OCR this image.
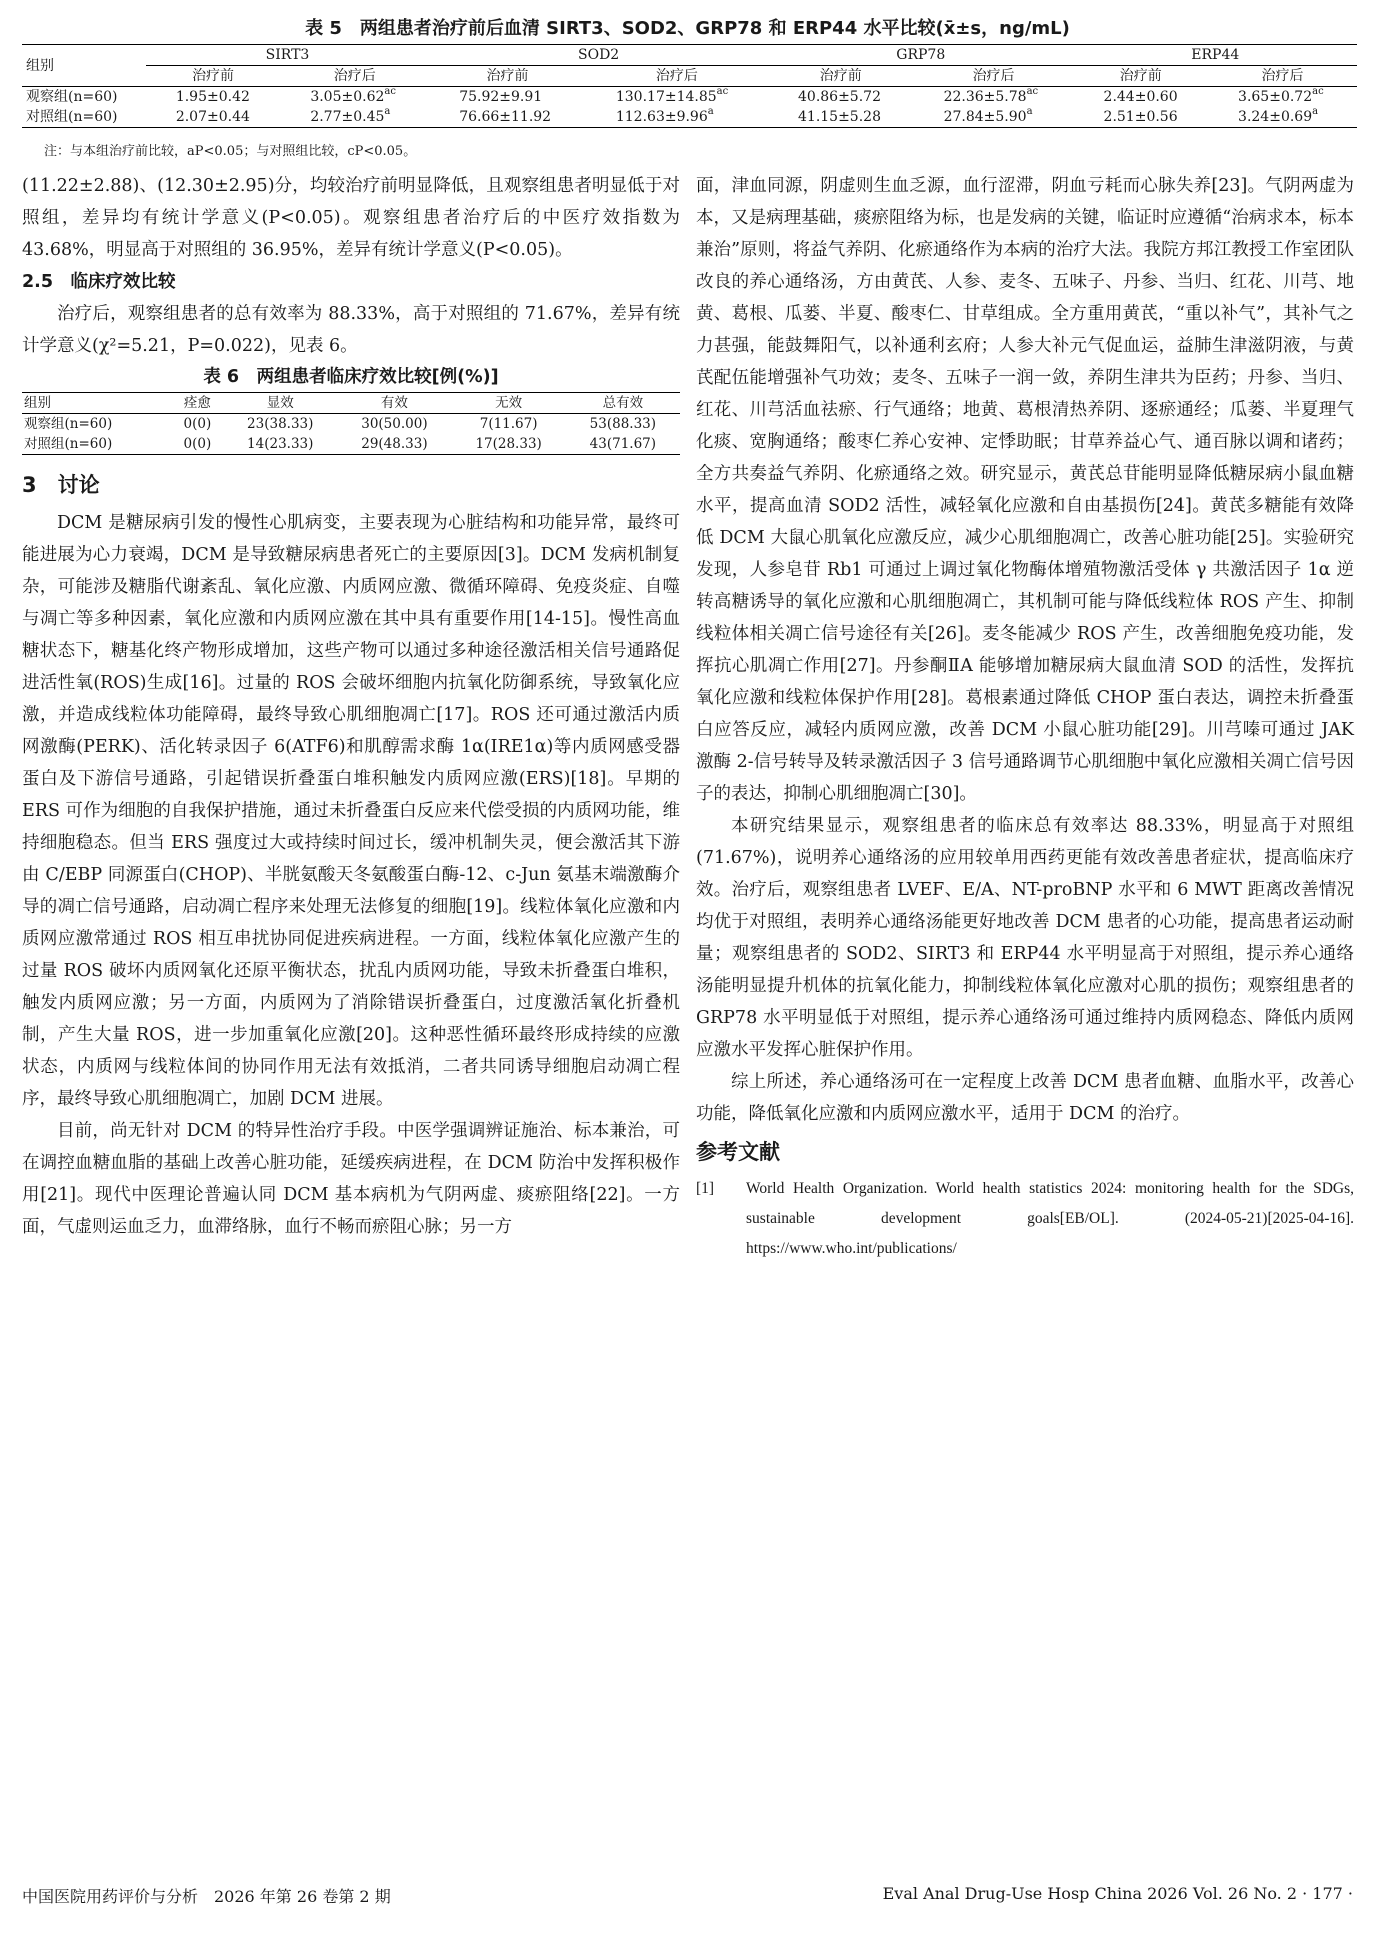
表 5　两组患者治疗前后血清 SIRT3、SOD2、GRP78 和 ERP44 水平比较(x̄±s，ng/mL)
组别	SIRT3		SOD2		GRP78		ERP44	
	治疗前	治疗后	治疗前	治疗后	治疗前	治疗后	治疗前	治疗后
观察组(n=60)	1.95±0.42	3.05±0.62$^{ac}$	75.92±9.91	130.17±14.85$^{ac}$	40.86±5.72	22.36±5.78$^{ac}$	2.44±0.60	3.65±0.72$^{ac}$
对照组(n=60)	2.07±0.44	2.77±0.45$^a$	76.66±11.92	112.63±9.96$^a$	41.15±5.28	27.84±5.90$^a$	2.51±0.56	3.24±0.69$^a$
注：与本组治疗前比较，aP<0.05；与对照组比较，cP<0.05。

(11.22±2.88)、(12.30±2.95)分，均较治疗前明显降低，且观察组患者明显低于对照组，差异均有统计学意义(P<0.05)。观察组患者治疗后的中医疗效指数为 43.68%，明显高于对照组的 36.95%，差异有统计学意义(P<0.05)。

2.5　临床疗效比较

治疗后，观察组患者的总有效率为 88.33%，高于对照组的 71.67%，差异有统计学意义(χ²=5.21，P=0.022)，见表 6。

表 6　两组患者临床疗效比较[例(%)]
组别	痊愈	显效	有效	无效	总有效
观察组(n=60)	0(0)	23(38.33)	30(50.00)	7(11.67)	53(88.33)
对照组(n=60)	0(0)	14(23.33)	29(48.33)	17(28.33)	43(71.67)
3　讨论

DCM 是糖尿病引发的慢性心肌病变，主要表现为心脏结构和功能异常，最终可能进展为心力衰竭，DCM 是导致糖尿病患者死亡的主要原因[3]。DCM 发病机制复杂，可能涉及糖脂代谢紊乱、氧化应激、内质网应激、微循环障碍、免疫炎症、自噬与凋亡等多种因素，氧化应激和内质网应激在其中具有重要作用[14-15]。慢性高血糖状态下，糖基化终产物形成增加，这些产物可以通过多种途径激活相关信号通路促进活性氧(ROS)生成[16]。过量的 ROS 会破坏细胞内抗氧化防御系统，导致氧化应激，并造成线粒体功能障碍，最终导致心肌细胞凋亡[17]。ROS 还可通过激活内质网激酶(PERK)、活化转录因子 6(ATF6)和肌醇需求酶 1α(IRE1α)等内质网感受器蛋白及下游信号通路，引起错误折叠蛋白堆积触发内质网应激(ERS)[18]。早期的 ERS 可作为细胞的自我保护措施，通过未折叠蛋白反应来代偿受损的内质网功能，维持细胞稳态。但当 ERS 强度过大或持续时间过长，缓冲机制失灵，便会激活其下游由 C/EBP 同源蛋白(CHOP)、半胱氨酸天冬氨酸蛋白酶-12、c-Jun 氨基末端激酶介导的凋亡信号通路，启动凋亡程序来处理无法修复的细胞[19]。线粒体氧化应激和内质网应激常通过 ROS 相互串扰协同促进疾病进程。一方面，线粒体氧化应激产生的过量 ROS 破坏内质网氧化还原平衡状态，扰乱内质网功能，导致未折叠蛋白堆积，触发内质网应激；另一方面，内质网为了消除错误折叠蛋白，过度激活氧化折叠机制，产生大量 ROS，进一步加重氧化应激[20]。这种恶性循环最终形成持续的应激状态，内质网与线粒体间的协同作用无法有效抵消，二者共同诱导细胞启动凋亡程序，最终导致心肌细胞凋亡，加剧 DCM 进展。

目前，尚无针对 DCM 的特异性治疗手段。中医学强调辨证施治、标本兼治，可在调控血糖血脂的基础上改善心脏功能，延缓疾病进程，在 DCM 防治中发挥积极作用[21]。现代中医理论普遍认同 DCM 基本病机为气阴两虚、痰瘀阻络[22]。一方面，气虚则运血乏力，血滞络脉，血行不畅而瘀阻心脉；另一方

面，津血同源，阴虚则生血乏源，血行涩滞，阴血亏耗而心脉失养[23]。气阴两虚为本，又是病理基础，痰瘀阻络为标，也是发病的关键，临证时应遵循“治病求本，标本兼治”原则，将益气养阴、化瘀通络作为本病的治疗大法。我院方邦江教授工作室团队改良的养心通络汤，方由黄芪、人参、麦冬、五味子、丹参、当归、红花、川芎、地黄、葛根、瓜蒌、半夏、酸枣仁、甘草组成。全方重用黄芪，“重以补气”，其补气之力甚强，能鼓舞阳气，以补通利玄府；人参大补元气促血运，益肺生津滋阴液，与黄芪配伍能增强补气功效；麦冬、五味子一润一敛，养阴生津共为臣药；丹参、当归、红花、川芎活血祛瘀、行气通络；地黄、葛根清热养阴、逐瘀通经；瓜蒌、半夏理气化痰、宽胸通络；酸枣仁养心安神、定悸助眠；甘草养益心气、通百脉以调和诸药；全方共奏益气养阴、化瘀通络之效。研究显示，黄芪总苷能明显降低糖尿病小鼠血糖水平，提高血清 SOD2 活性，减轻氧化应激和自由基损伤[24]。黄芪多糖能有效降低 DCM 大鼠心肌氧化应激反应，减少心肌细胞凋亡，改善心脏功能[25]。实验研究发现，人参皂苷 Rb1 可通过上调过氧化物酶体增殖物激活受体 γ 共激活因子 1α 逆转高糖诱导的氧化应激和心肌细胞凋亡，其机制可能与降低线粒体 ROS 产生、抑制线粒体相关凋亡信号途径有关[26]。麦冬能减少 ROS 产生，改善细胞免疫功能，发挥抗心肌凋亡作用[27]。丹参酮ⅡA 能够增加糖尿病大鼠血清 SOD 的活性，发挥抗氧化应激和线粒体保护作用[28]。葛根素通过降低 CHOP 蛋白表达，调控未折叠蛋白应答反应，减轻内质网应激，改善 DCM 小鼠心脏功能[29]。川芎嗪可通过 JAK 激酶 2-信号转导及转录激活因子 3 信号通路调节心肌细胞中氧化应激相关凋亡信号因子的表达，抑制心肌细胞凋亡[30]。

本研究结果显示，观察组患者的临床总有效率达 88.33%，明显高于对照组(71.67%)，说明养心通络汤的应用较单用西药更能有效改善患者症状，提高临床疗效。治疗后，观察组患者 LVEF、E/A、NT-proBNP 水平和 6 MWT 距离改善情况均优于对照组，表明养心通络汤能更好地改善 DCM 患者的心功能，提高患者运动耐量；观察组患者的 SOD2、SIRT3 和 ERP44 水平明显高于对照组，提示养心通络汤能明显提升机体的抗氧化能力，抑制线粒体氧化应激对心肌的损伤；观察组患者的 GRP78 水平明显低于对照组，提示养心通络汤可通过维持内质网稳态、降低内质网应激水平发挥心脏保护作用。

综上所述，养心通络汤可在一定程度上改善 DCM 患者血糖、血脂水平，改善心功能，降低氧化应激和内质网应激水平，适用于 DCM 的治疗。

参考文献
[1]	World Health Organization. World health statistics 2024: monitoring health for the SDGs, sustainable development goals[EB/OL]. (2024-05-21)[2025-04-16]. https://www.who.int/publications/
中国医院用药评价与分析　2026 年第 26 卷第 2 期	Eval Anal Drug-Use Hosp China 2026 Vol. 26 No. 2 · 177 ·
